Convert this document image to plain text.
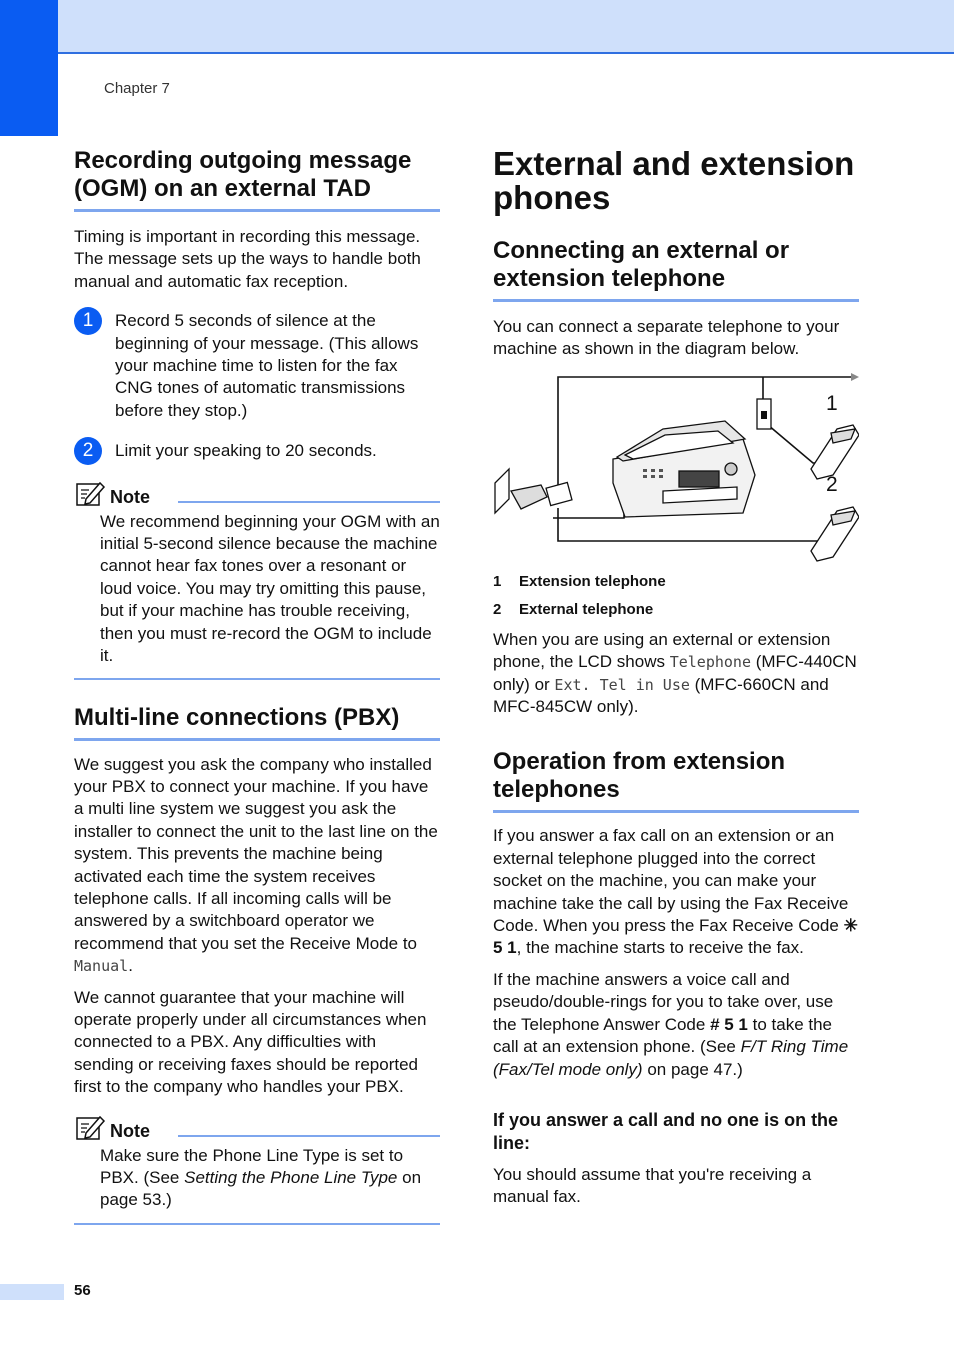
Chapter 7
Recording outgoing message (OGM) on an external TAD

Timing is important in recording this message. The message sets up the ways to handle both manual and automatic fax reception.

1	Record 5 seconds of silence at the beginning of your message. (This allows your machine time to listen for the fax CNG tones of automatic transmissions before they stop.)
2	Limit your speaking to 20 seconds.
Note
We recommend beginning your OGM with an initial 5-second silence because the machine cannot hear fax tones over a resonant or loud voice. You may try omitting this pause, but if your machine has trouble receiving, then you must re-record the OGM to include it.
Multi-line connections (PBX)

We suggest you ask the company who installed your PBX to connect your machine. If you have a multi line system we suggest you ask the installer to connect the unit to the last line on the system. This prevents the machine being activated each time the system receives telephone calls. If all incoming calls will be answered by a switchboard operator we recommend that you set the Receive Mode to Manual.

We cannot guarantee that your machine will operate properly under all circumstances when connected to a PBX. Any difficulties with sending or receiving faxes should be reported first to the company who handles your PBX.

Note
Make sure the Phone Line Type is set to PBX. (See Setting the Phone Line Type on page 53.)
External and extension phones
Connecting an external or extension telephone

You can connect a separate telephone to your machine as shown in the diagram below.

1
2
1 Extension telephone
2 External telephone

When you are using an external or extension phone, the LCD shows Telephone (MFC-440CN only) or Ext. Tel in Use (MFC-660CN and MFC-845CW only).

Operation from extension telephones

If you answer a fax call on an extension or an external telephone plugged into the correct socket on the machine, you can make your machine take the call by using the Fax Receive Code. When you press the Fax Receive Code ✳ 5 1, the machine starts to receive the fax.

If the machine answers a voice call and pseudo/double-rings for you to take over, use the Telephone Answer Code # 5 1 to take the call at an extension phone. (See F/T Ring Time (Fax/Tel mode only) on page 47.)

If you answer a call and no one is on the line:

You should assume that you're receiving a manual fax.

56
